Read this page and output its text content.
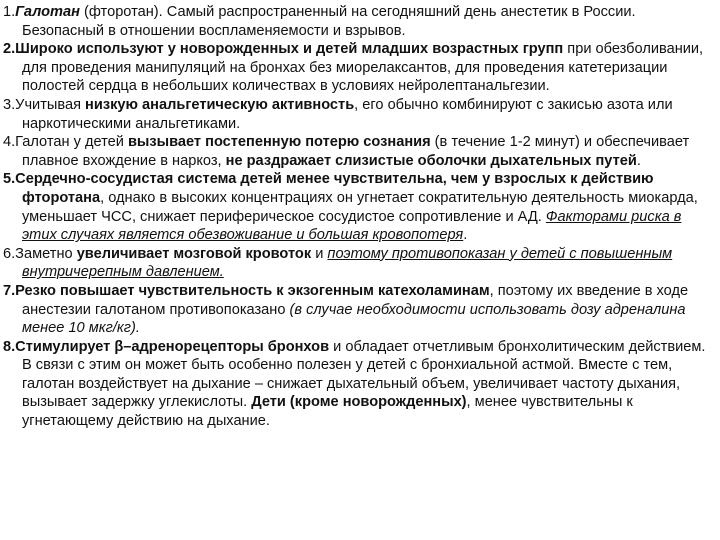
1.Галотан (фторотан). Самый распространенный на сегодняшний день анестетик в России. Безопасный в отношении воспламеняемости и взрывов.

2.Широко используют у новорожденных и детей младших возрастных групп при обезболивании, для проведения манипуляций на бронхах без миорелаксантов, для проведения катетеризации полостей сердца в небольших количествах в условиях нейролептанальгезии.

3.Учитывая низкую анальгетическую активность, его обычно комбинируют с закисью азота или наркотическими анальгетиками.

4.Галотан у детей вызывает постепенную потерю сознания (в течение 1-2 минут) и обеспечивает плавное вхождение в наркоз, не раздражает слизистые оболочки дыхательных путей.

5.Сердечно-сосудистая система детей менее чувствительна, чем у взрослых к действию фторотана, однако в высоких концентрациях он угнетает сократительную деятельность миокарда, уменьшает ЧСС, снижает периферическое сосудистое сопротивление и АД. Факторами риска в этих случаях является обезвоживание и большая кровопотеря.

6.Заметно увеличивает мозговой кровоток и поэтому противопоказан у детей с повышенным внутричерепным давлением.

7.Резко повышает чувствительность к экзогенным катехоламинам, поэтому их введение в ходе анестезии галотаном противопоказано (в случае необходимости использовать дозу адреналина менее 10 мкг/кг).

8.Стимулирует β–адренорецепторы бронхов и обладает отчетливым бронхолитическим действием. В связи с этим он может быть особенно полезен у детей с бронхиальной астмой. Вместе с тем, галотан воздействует на дыхание – снижает дыхательный объем, увеличивает частоту дыхания, вызывает задержку углекислоты. Дети (кроме новорожденных), менее чувствительны к угнетающему действию на дыхание.
